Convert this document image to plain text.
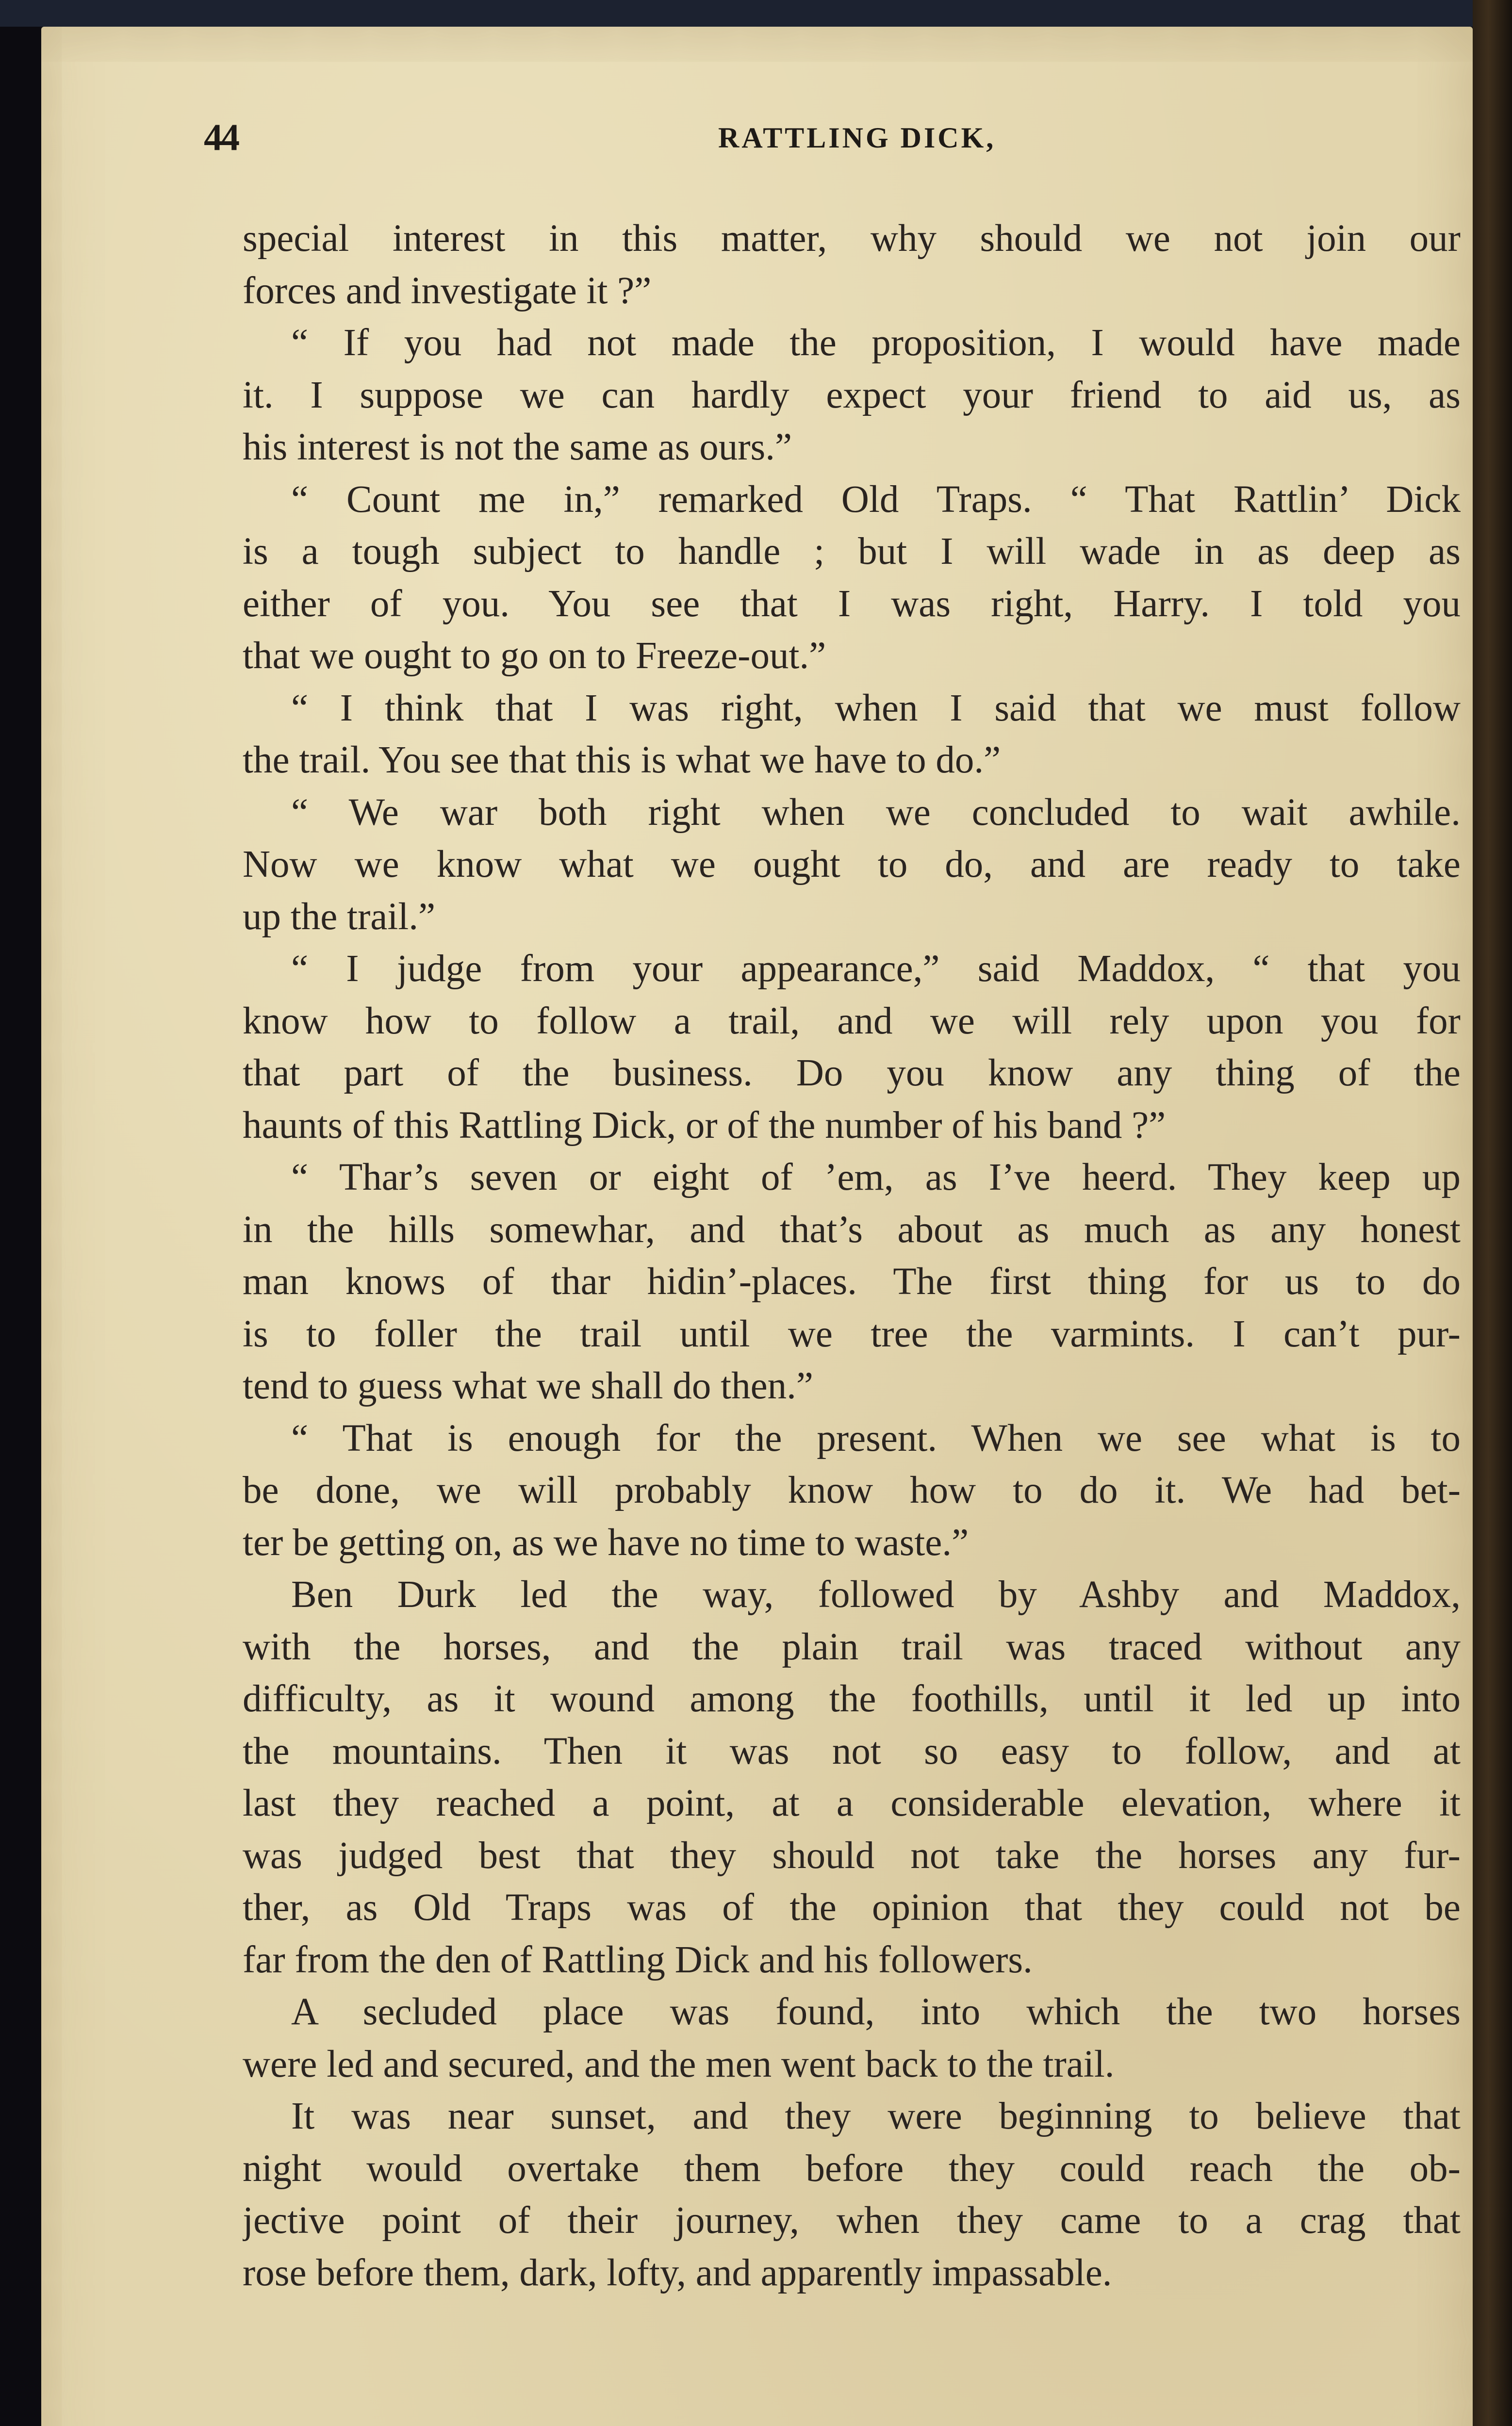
44	RATTLING DICK,
special interest in this matter, why should we not join our
forces and investigate it ?”
“ If you had not made the proposition, I would have made
it. I suppose we can hardly expect your friend to aid us, as
his interest is not the same as ours.”
“ Count me in,” remarked Old Traps. “ That Rattlin’ Dick
is a tough subject to handle ; but I will wade in as deep as
either of you. You see that I was right, Harry. I told you
that we ought to go on to Freeze-out.”
“ I think that I was right, when I said that we must follow
the trail. You see that this is what we have to do.”
“ We war both right when we concluded to wait awhile.
Now we know what we ought to do, and are ready to take
up the trail.”
“ I judge from your appearance,” said Maddox, “ that you
know how to follow a trail, and we will rely upon you for
that part of the business. Do you know any thing of the
haunts of this Rattling Dick, or of the number of his band ?”
“ Thar’s seven or eight of ’em, as I’ve heerd. They keep up
in the hills somewhar, and that’s about as much as any honest
man knows of thar hidin’-places. The first thing for us to do
is to foller the trail until we tree the varmints. I can’t pur-
tend to guess what we shall do then.”
“ That is enough for the present. When we see what is to
be done, we will probably know how to do it. We had bet-
ter be getting on, as we have no time to waste.”
Ben Durk led the way, followed by Ashby and Maddox,
with the horses, and the plain trail was traced without any
difficulty, as it wound among the foothills, until it led up into
the mountains. Then it was not so easy to follow, and at
last they reached a point, at a considerable elevation, where it
was judged best that they should not take the horses any fur-
ther, as Old Traps was of the opinion that they could not be
far from the den of Rattling Dick and his followers.
A secluded place was found, into which the two horses
were led and secured, and the men went back to the trail.
It was near sunset, and they were beginning to believe that
night would overtake them before they could reach the ob-
jective point of their journey, when they came to a crag that
rose before them, dark, lofty, and apparently impassable.
